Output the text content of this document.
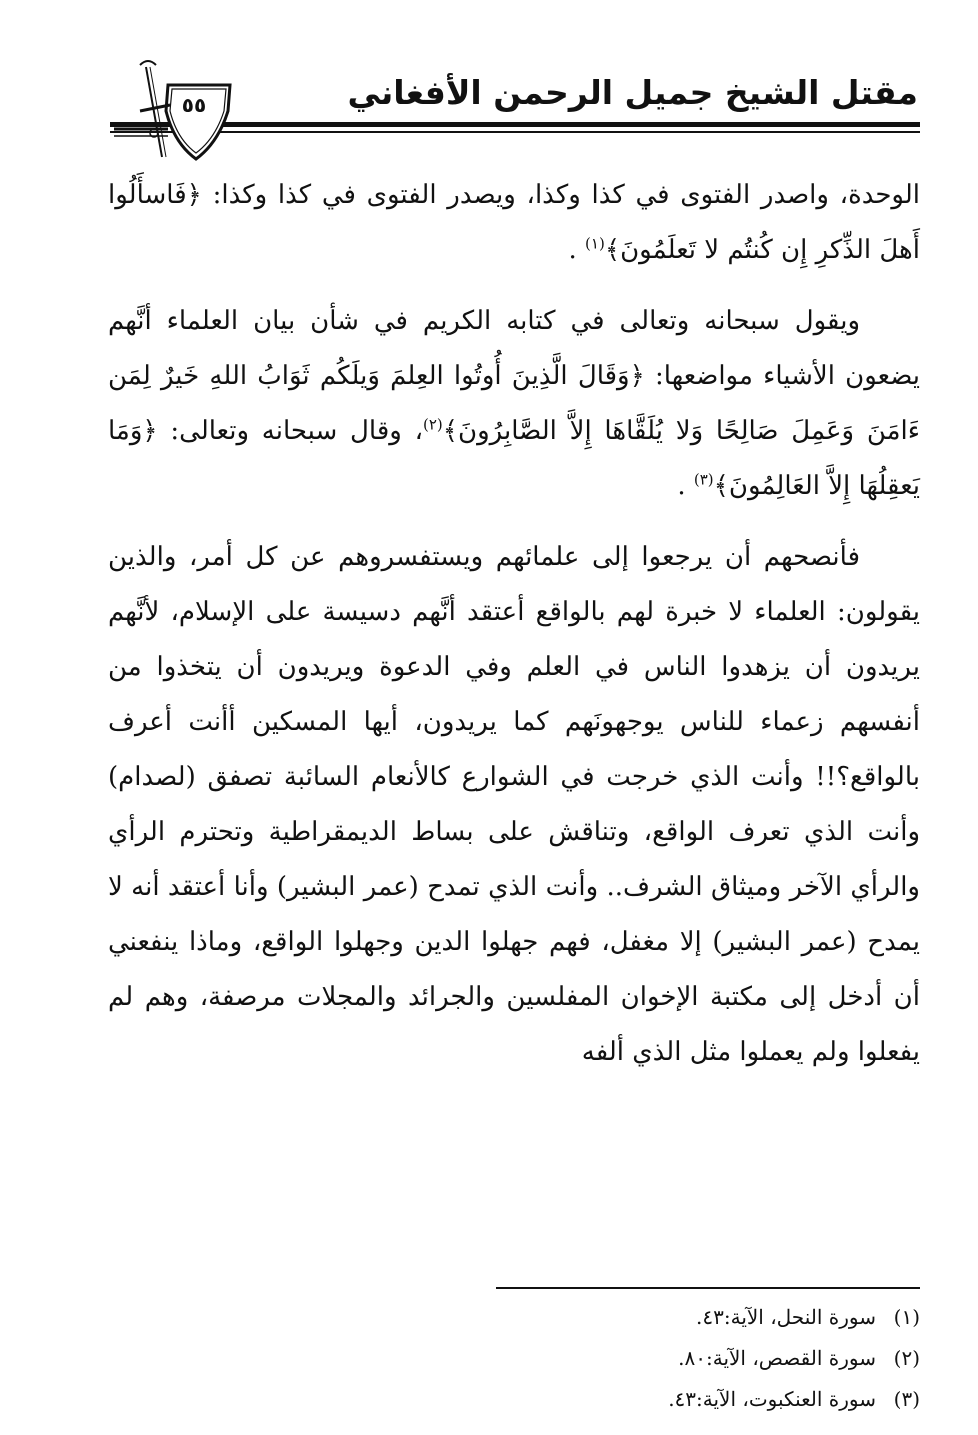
مقتل الشيخ جميل الرحمن الأفغاني
٥٥

الوحدة، واصدر الفتوى في كذا وكذا، ويصدر الفتوى في كذا وكذا: ﴿فَاسأَلُوا أَهلَ الذِّكرِ إِن كُنتُم لا تَعلَمُونَ﴾$^{(١)}$ .

ويقول سبحانه وتعالى في كتابه الكريم في شأن بيان العلماء أنَّهم يضعون الأشياء مواضعها: ﴿وَقَالَ الَّذِينَ أُوتُوا العِلمَ وَيلَكُم ثَوَابُ اللهِ خَيرٌ لِمَن ءَامَنَ وَعَمِلَ صَالِحًا وَلا يُلَقَّاهَا إِلاَّ الصَّابِرُونَ﴾$^{(٢)}$، وقال سبحانه وتعالى: ﴿وَمَا يَعقِلُهَا إِلاَّ العَالِمُونَ﴾$^{(٣)}$ .

فأنصحهم أن يرجعوا إلى علمائهم ويستفسروهم عن كل أمر، والذين يقولون: العلماء لا خبرة لهم بالواقع أعتقد أنَّهم دسيسة على الإسلام، لأنَّهم يريدون أن يزهدوا الناس في العلم وفي الدعوة ويريدون أن يتخذوا من أنفسهم زعماء للناس يوجهونَهم كما يريدون، أيها المسكين أأنت أعرف بالواقع؟!! وأنت الذي خرجت في الشوارع كالأنعام السائبة تصفق (لصدام) وأنت الذي تعرف الواقع، وتناقش على بساط الديمقراطية وتحترم الرأي والرأي الآخر وميثاق الشرف.. وأنت الذي تمدح (عمر البشير) وأنا أعتقد أنه لا يمدح (عمر البشير) إلا مغفل، فهم جهلوا الدين وجهلوا الواقع، وماذا ينفعني أن أدخل إلى مكتبة الإخوان المفلسين والجرائد والمجلات مرصفة، وهم لم يفعلوا ولم يعملوا مثل الذي ألفه

(١)سورة النحل، الآية:٤٣.
(٢)سورة القصص، الآية:٨٠.
(٣)سورة العنكبوت، الآية:٤٣.
